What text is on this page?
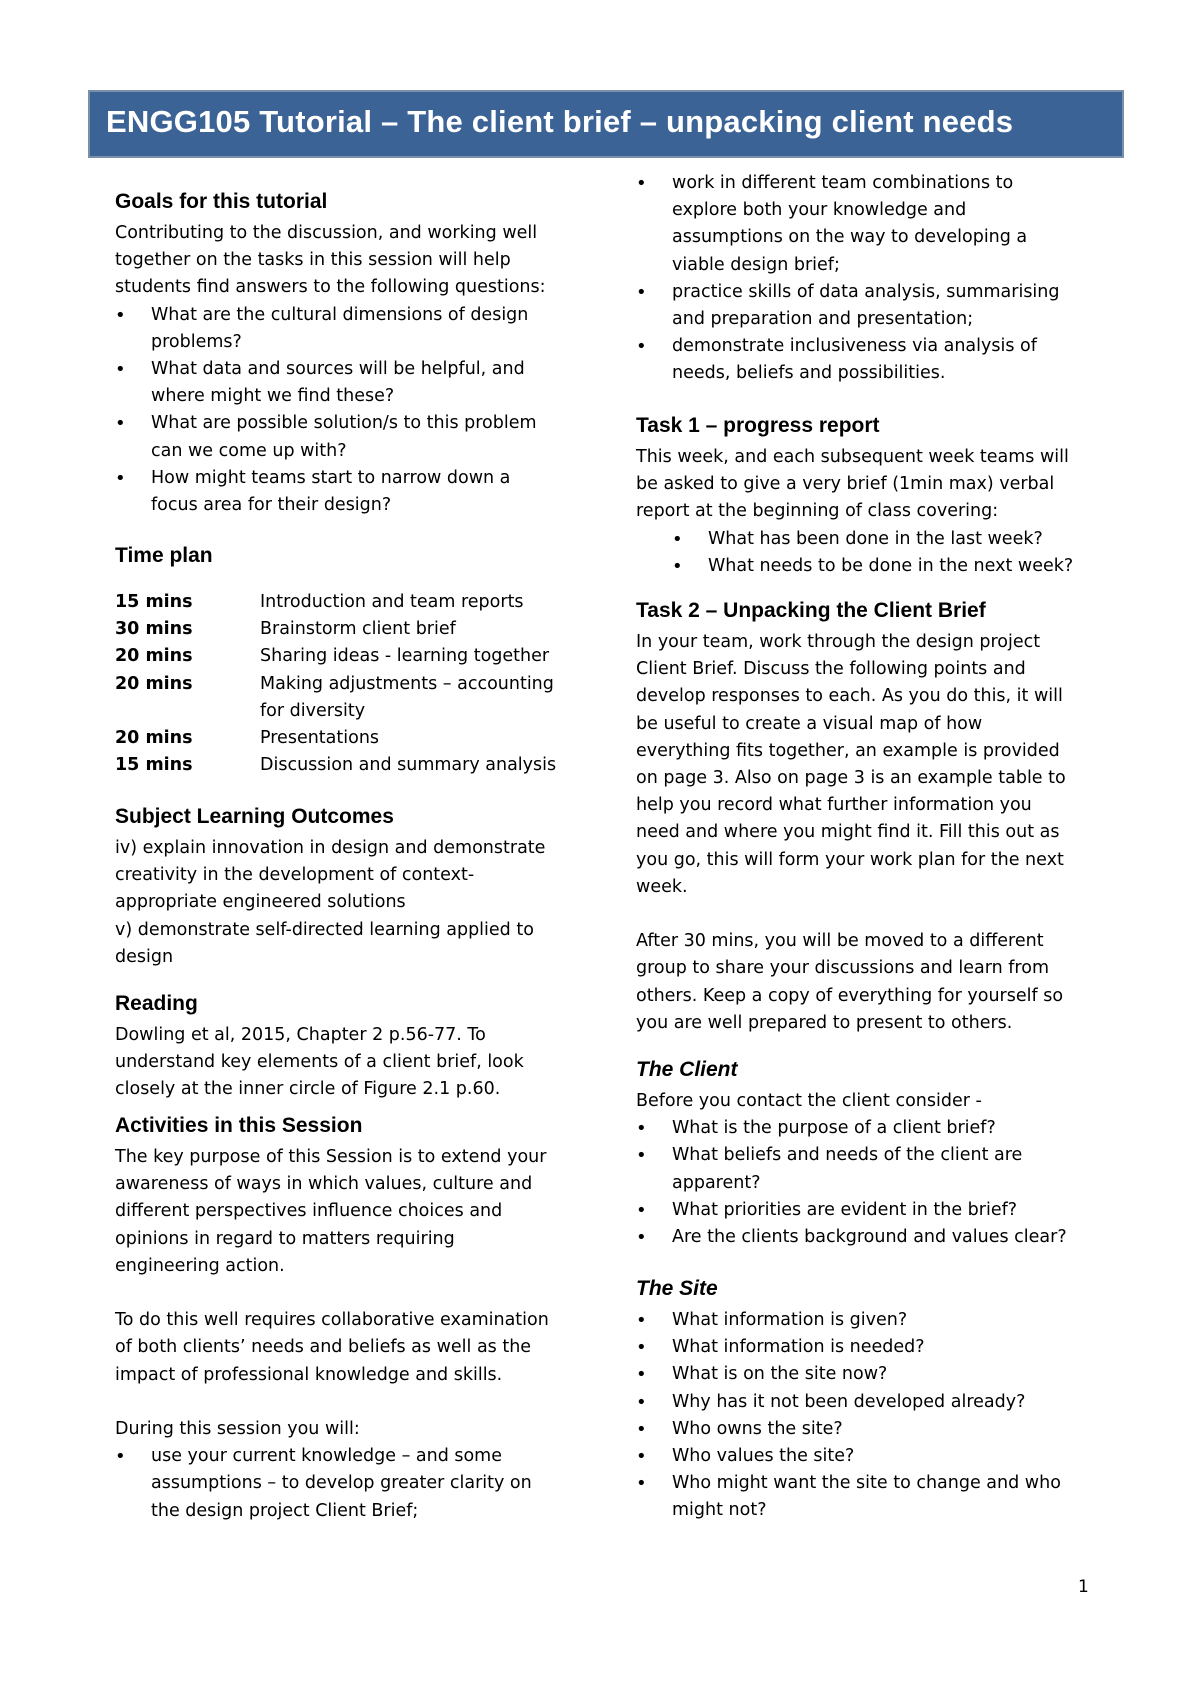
ENGG105 Tutorial – The client brief – unpacking client needs
Goals for this tutorial
Contributing to the discussion, and working well
together on the tasks in this session will help
students find answers to the following questions:
What are the cultural dimensions of design
•
problems?
What data and sources will be helpful, and
•
where might we find these?
What are possible solution/s to this problem
•
can we come up with?
How might teams start to narrow down a
•
focus area for their design?
Time plan
15 mins	Introduction and team reports
30 mins	Brainstorm client brief
20 mins	Sharing ideas - learning together
20 mins	Making adjustments – accounting
for diversity
20 mins	Presentations
15 mins	Discussion and summary analysis
Subject Learning Outcomes
iv) explain innovation in design and demonstrate
creativity in the development of context-
appropriate engineered solutions
v) demonstrate self-directed learning applied to
design
Reading
Dowling et al, 2015, Chapter 2 p.56-77. To
understand key elements of a client brief, look
closely at the inner circle of Figure 2.1 p.60.
Activities in this Session
The key purpose of this Session is to extend your
awareness of ways in which values, culture and
different perspectives influence choices and
opinions in regard to matters requiring
engineering action.
To do this well requires collaborative examination
of both clients’ needs and beliefs as well as the
impact of professional knowledge and skills.
During this session you will:
use your current knowledge – and some
•
assumptions – to develop greater clarity on
the design project Client Brief;
work in different team combinations to
•
explore both your knowledge and
assumptions on the way to developing a
viable design brief;
practice skills of data analysis, summarising
•
and preparation and presentation;
demonstrate inclusiveness via analysis of
•
needs, beliefs and possibilities.
Task 1 – progress report
This week, and each subsequent week teams will
be asked to give a very brief (1min max) verbal
report at the beginning of class covering:
What has been done in the last week?
•
What needs to be done in the next week?
•
Task 2 – Unpacking the Client Brief
In your team, work through the design project
Client Brief. Discuss the following points and
develop responses to each. As you do this, it will
be useful to create a visual map of how
everything fits together, an example is provided
on page 3. Also on page 3 is an example table to
help you record what further information you
need and where you might find it. Fill this out as
you go, this will form your work plan for the next
week.
After 30 mins, you will be moved to a different
group to share your discussions and learn from
others. Keep a copy of everything for yourself so
you are well prepared to present to others.
The Client
Before you contact the client consider -
What is the purpose of a client brief?
•
What beliefs and needs of the client are
•
apparent?
What priorities are evident in the brief?
•
Are the clients background and values clear?
•
The Site
What information is given?
•
What information is needed?
•
What is on the site now?
•
Why has it not been developed already?
•
Who owns the site?
•
Who values the site?
•
Who might want the site to change and who
•
might not?
1
